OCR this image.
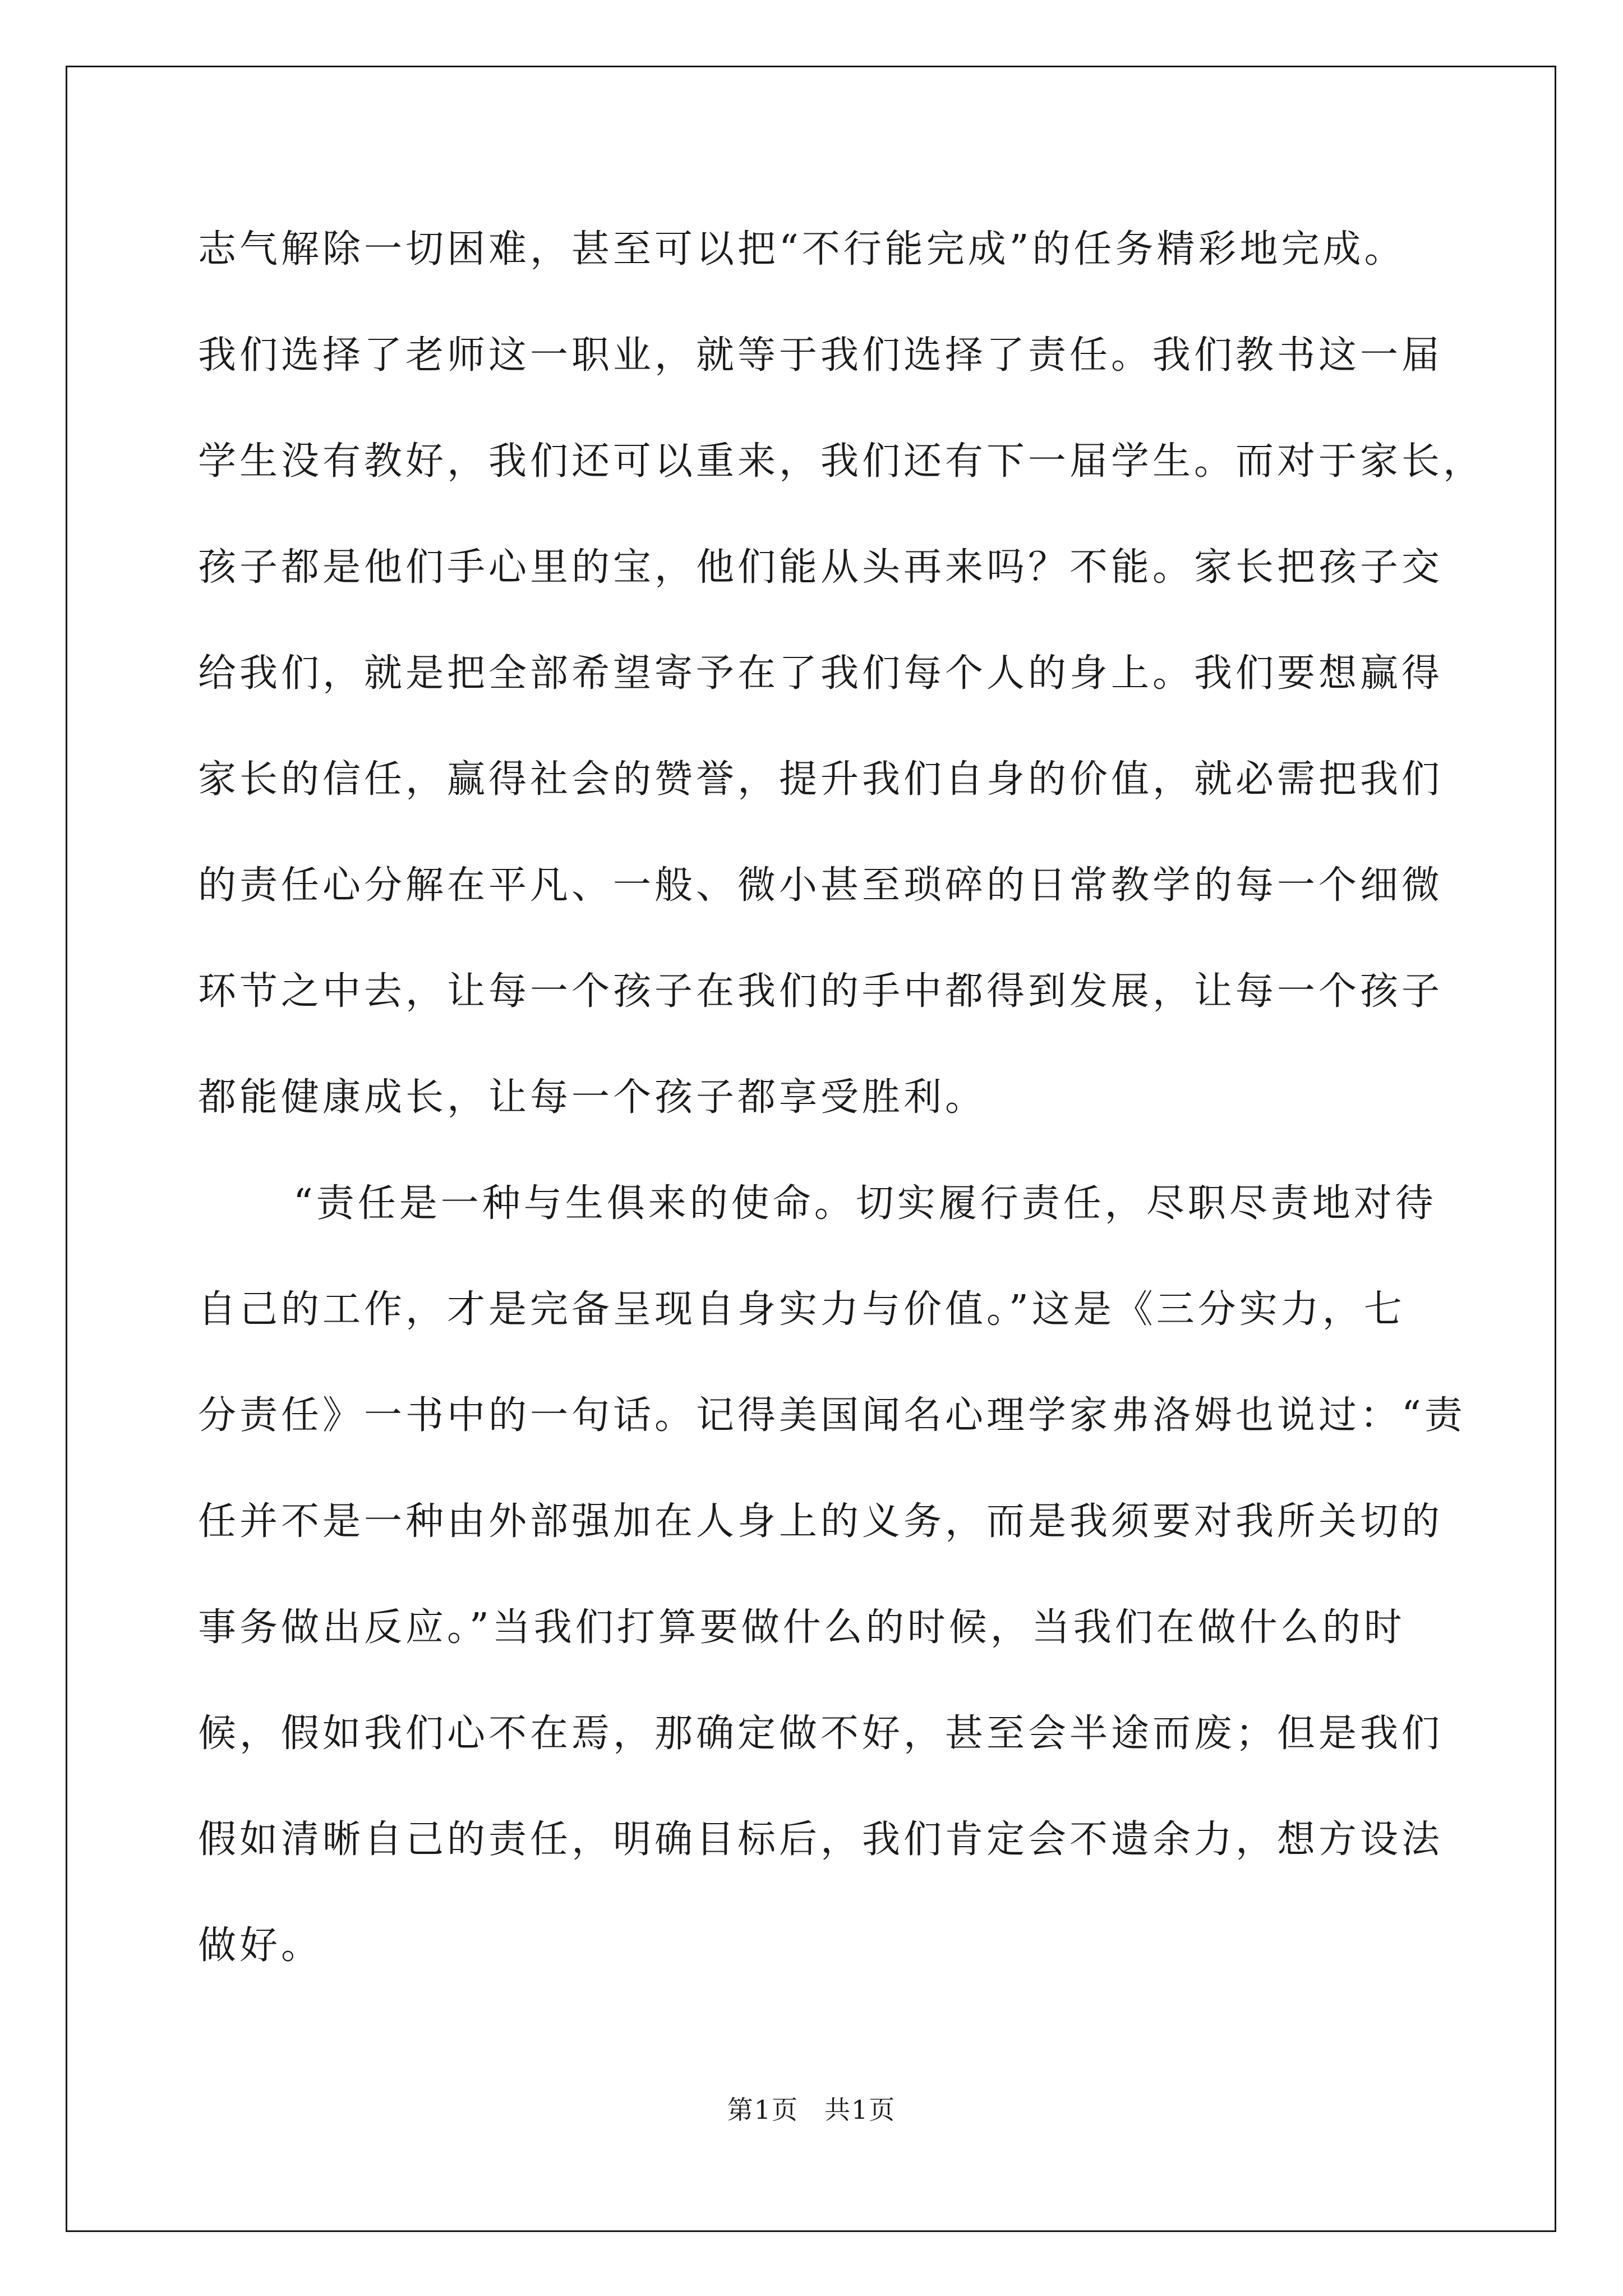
志气解除一切困难，甚至可以把“不行能完成”的任务精彩地完成。
我们选择了老师这一职业，就等于我们选择了责任。我们教书这一届
学生没有教好，我们还可以重来，我们还有下一届学生。而对于家长，
孩子都是他们手心里的宝，他们能从头再来吗？不能。家长把孩子交
给我们，就是把全部希望寄予在了我们每个人的身上。我们要想赢得
家长的信任，赢得社会的赞誉，提升我们自身的价值，就必需把我们
的责任心分解在平凡、一般、微小甚至琐碎的日常教学的每一个细微
环节之中去，让每一个孩子在我们的手中都得到发展，让每一个孩子
都能健康成长，让每一个孩子都享受胜利。
“责任是一种与生俱来的使命。切实履行责任，尽职尽责地对待
自己的工作，才是完备呈现自身实力与价值。”这是《三分实力，七
分责任》一书中的一句话。记得美国闻名心理学家弗洛姆也说过：“责
任并不是一种由外部强加在人身上的义务，而是我须要对我所关切的
事务做出反应。”当我们打算要做什么的时候，当我们在做什么的时
候，假如我们心不在焉，那确定做不好，甚至会半途而废；但是我们
假如清晰自己的责任，明确目标后，我们肯定会不遗余力，想方设法
做好。
第1页 共1页
